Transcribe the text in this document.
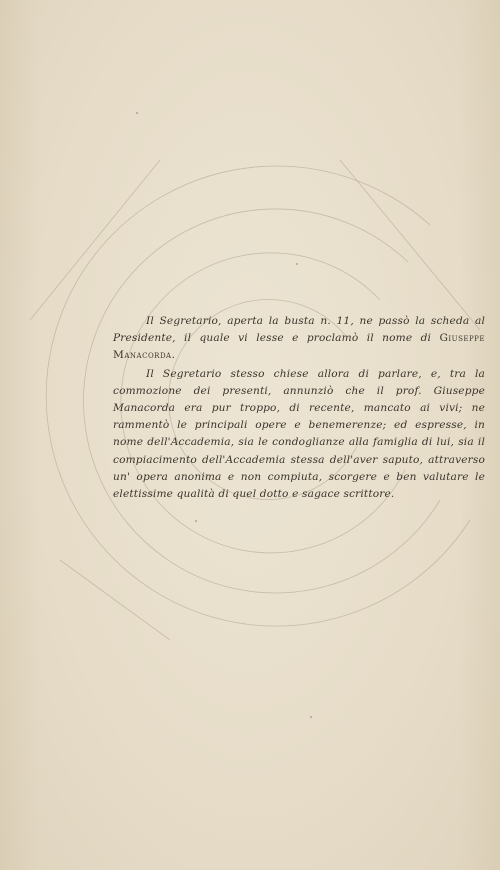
Il Segretario, aperta la busta n. 11, ne passò la scheda al Presidente, il quale vi lesse e proclamò il nome di Giuseppe Manacorda.

Il Segretario stesso chiese allora di parlare, e, tra la commozione dei presenti, annunziò che il prof. Giuseppe Manacorda era pur troppo, di recente, mancato ai vivi; ne rammentò le principali opere e benemerenze; ed espresse, in nome dell'Accademia, sia le condoglianze alla famiglia di lui, sia il compiacimento dell'Accademia stessa dell'aver saputo, attraverso un' opera anonima e non compiuta, scorgere e ben valutare le elettissime qualità di quel dotto e sagace scrittore.
